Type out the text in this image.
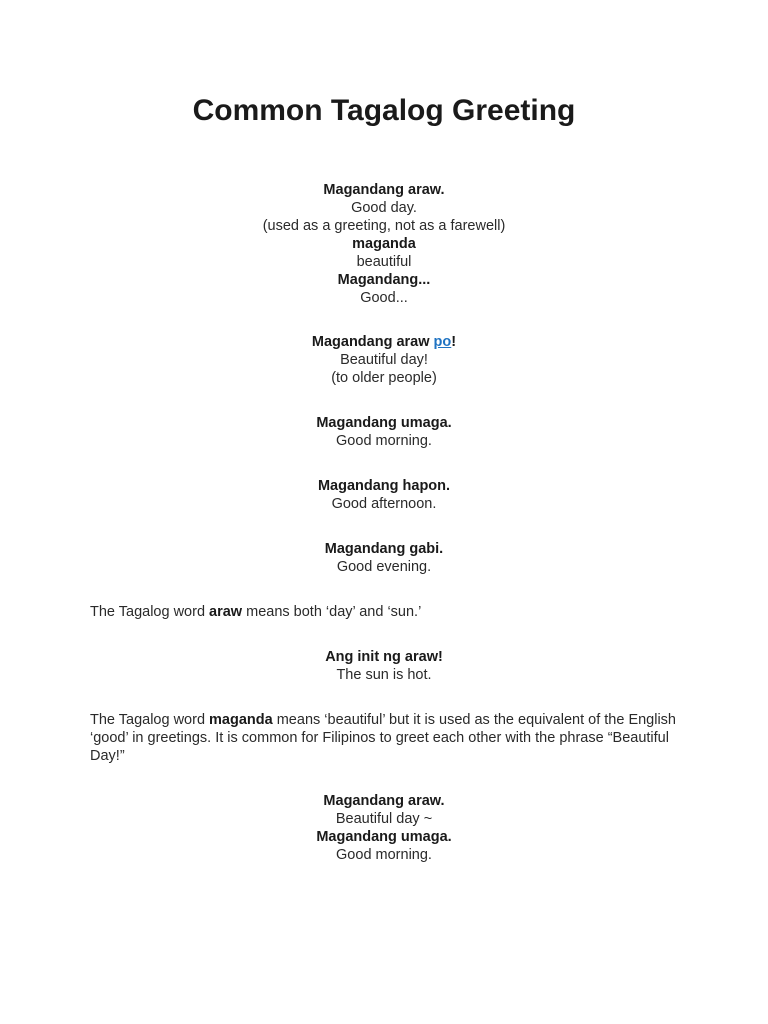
Common Tagalog Greeting
Magandang araw.
Good day.
(used as a greeting, not as a farewell)
maganda
beautiful
Magandang...
Good...
Magandang araw po!
Beautiful day!
(to older people)
Magandang umaga.
Good morning.
Magandang hapon.
Good afternoon.
Magandang gabi.
Good evening.

The Tagalog word araw means both ‘day’ and ‘sun.’

Ang init ng araw!
The sun is hot.

The Tagalog word maganda means ‘beautiful’ but it is used as the equivalent of the English ‘good’ in greetings. It is common for Filipinos to greet each other with the phrase “Beautiful Day!”

Magandang araw.
Beautiful day ~
Magandang umaga.
Good morning.
